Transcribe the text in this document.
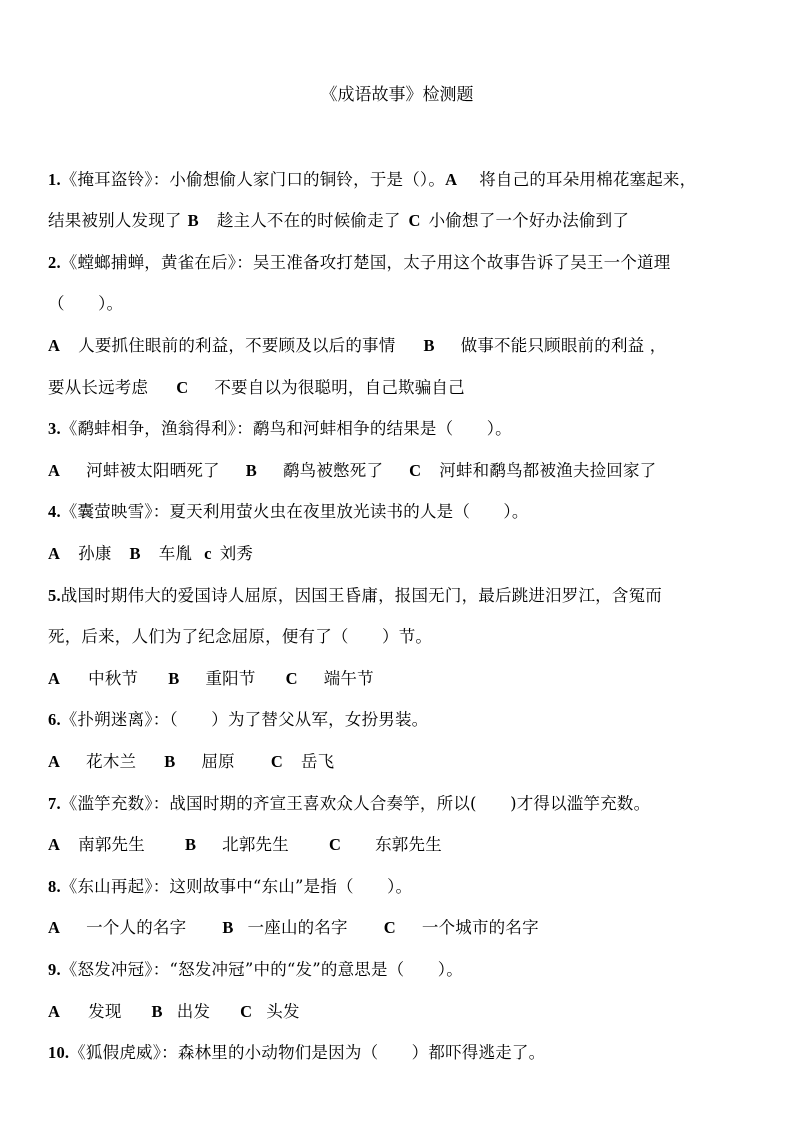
《成语故事》检测题
1.《掩耳盗铃》：小偷想偷人家门口的铜铃，于是（）。A 将自己的耳朵用棉花塞起来，
结果被别人发现了 B 趁主人不在的时候偷走了 C 小偷想了一个好办法偷到了
2.《螳螂捕蝉，黄雀在后》：吴王准备攻打楚国，太子用这个故事告诉了吴王一个道理
（　　）。
A 人要抓住眼前的利益，不要顾及以后的事情 B 做事不能只顾眼前的利益 ，
要从长远考虑 C 不要自以为很聪明，自己欺骗自己
3.《鹬蚌相争，渔翁得利》：鹬鸟和河蚌相争的结果是（　　）。
A 河蚌被太阳晒死了 B 鹬鸟被憋死了 C 河蚌和鹬鸟都被渔夫捡回家了
4.《囊萤映雪》：夏天利用萤火虫在夜里放光读书的人是（　　）。
A 孙康 B 车胤 c 刘秀
5.战国时期伟大的爱国诗人屈原，因国王昏庸，报国无门，最后跳进汨罗江，含冤而
死，后来，人们为了纪念屈原，便有了（　　）节。
A 中秋节 B 重阳节 C 端午节
6.《扑朔迷离》：（　　）为了替父从军，女扮男装。
A 花木兰 B 屈原 C 岳飞
7.《滥竽充数》：战国时期的齐宣王喜欢众人合奏竽，所以(　　)才得以滥竽充数。
A 南郭先生 B 北郭先生 C 东郭先生
8.《东山再起》：这则故事中“东山”是指（　　）。
A 一个人的名字 B 一座山的名字 C 一个城市的名字
9.《怒发冲冠》：“怒发冲冠”中的“发”的意思是（　　）。
A 发现 B 出发 C 头发
10.《狐假虎威》：森林里的小动物们是因为（　　）都吓得逃走了。
